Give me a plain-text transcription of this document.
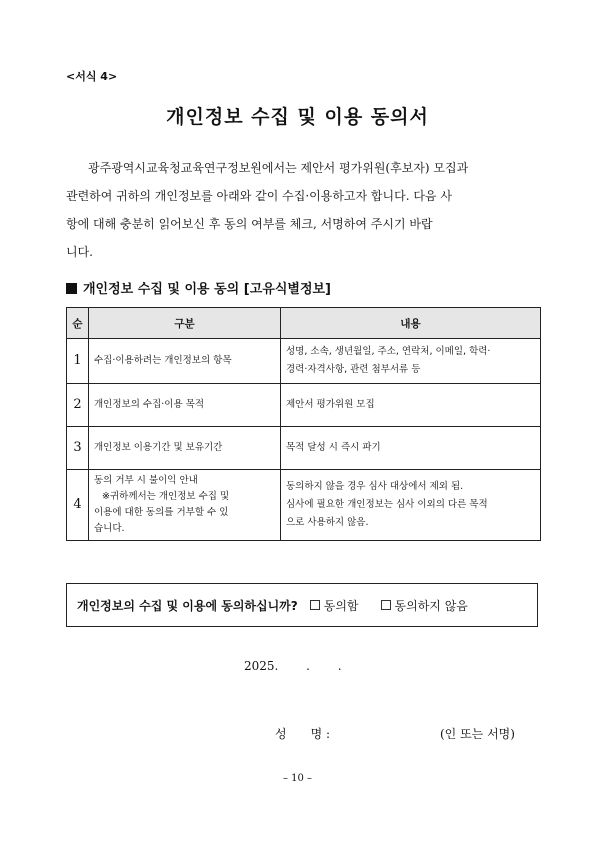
<서식 4>
개인정보 수집 및 이용 동의서
광주광역시교육청교육연구정보원에서는 제안서 평가위원(후보자) 모집과
관련하여 귀하의 개인정보를 아래와 같이 수집·이용하고자 합니다. 다음 사
항에 대해 충분히 읽어보신 후 동의 여부를 체크, 서명하여 주시기 바랍
니다.
개인정보 수집 및 이용 동의 [고유식별정보]
순	구분	내용
1	수집·이용하려는 개인정보의 항목	성명, 소속, 생년월일, 주소, 연락처, 이메일, 학력·
경력·자격사항, 관련 첨부서류 등

2	개인정보의 수집·이용 목적	제안서 평가위원 모집
3	개인정보 이용기간 및 보유기간	목적 달성 시 즉시 파기
4	동의 거부 시 불이익 안내
※귀하께서는 개인정보 수집 및
이용에 대한 동의를 거부할 수 있
습니다.	동의하지 않을 경우 심사 대상에서 제외 됨.
심사에 필요한 개인정보는 심사 이외의 다른 목적
으로 사용하지 않음.
개인정보의 수집 및 이용에 동의하십니까? 동의함	동의하지 않음
2025.　 　.　 　.
성　　명 :	(인 또는 서명)
– 10 –
